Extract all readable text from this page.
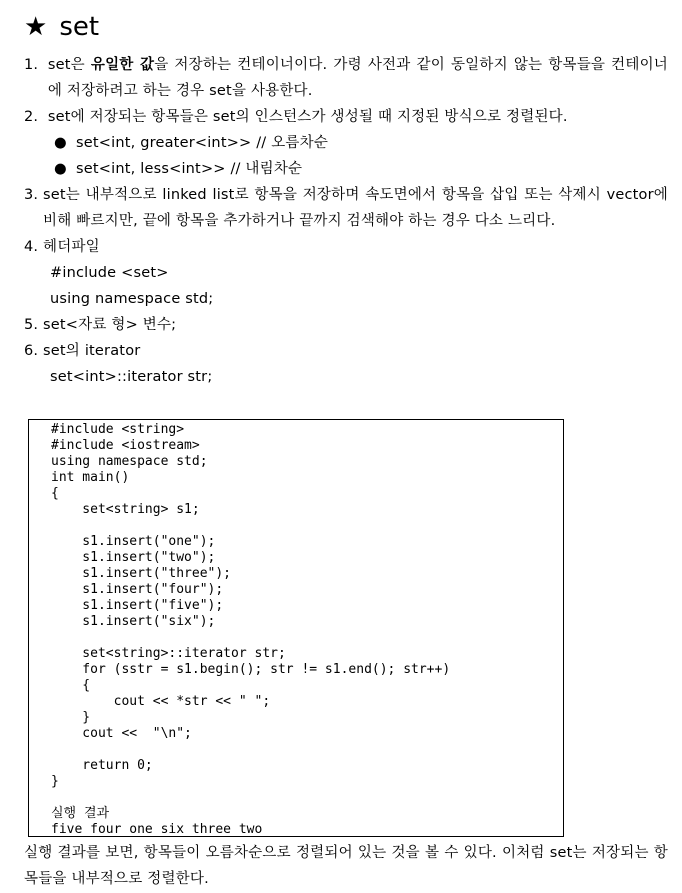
★ set
1. set은 유일한 값을 저장하는 컨테이너이다. 가령 사전과 같이 동일하지 않는 항목들을 컨테이너에 저장하려고 하는 경우 set을 사용한다.
2. set에 저장되는 항목들은 set의 인스턴스가 생성될 때 지정된 방식으로 정렬된다.
● set<int, greater<int>> // 오름차순
● set<int, less<int>> // 내림차순
3. set는 내부적으로 linked list로 항목을 저장하며 속도면에서 항목을 삽입 또는 삭제시 vector에 비해 빠르지만, 끝에 항목을 추가하거나 끝까지 검색해야 하는 경우 다소 느리다.
4. 헤더파일
#include <set>
using namespace std;
5. set<자료 형> 변수;
6. set의 iterator
set<int>::iterator str;
#include <string>
#include <iostream>
using namespace std;
int main()
{
set<string> s1;

s1.insert("one");
s1.insert("two");
s1.insert("three");
s1.insert("four");
s1.insert("five");
s1.insert("six");

set<string>::iterator str;
for (sstr = s1.begin(); str != s1.end(); str++)
{
cout << *str << " ";
}
cout <<  "\n";

return 0;
}

실행 결과
five four one six three two
실행 결과를 보면, 항목들이 오름차순으로 정렬되어 있는 것을 볼 수 있다. 이처럼 set는 저장되는 항목들을 내부적으로 정렬한다.
